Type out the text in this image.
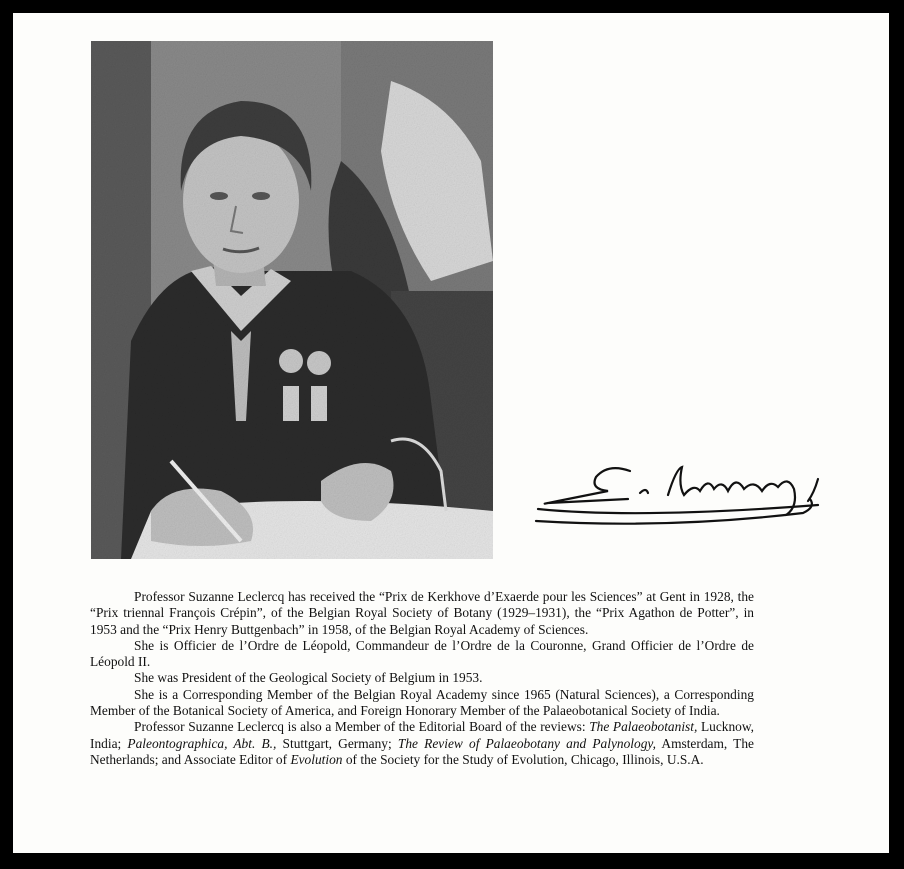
Professor Suzanne Leclercq has received the “Prix de Kerkhove d’Exaerde pour les Sciences” at Gent in 1928, the “Prix triennal François Crépin”, of the Belgian Royal Society of Botany (1929–1931), the “Prix Agathon de Potter”, in 1953 and the “Prix Henry Buttgenbach” in 1958, of the Belgian Royal Academy of Sciences.

She is Officier de l’Ordre de Léopold, Commandeur de l’Ordre de la Couronne, Grand Officier de l’Ordre de Léopold II.

She was President of the Geological Society of Belgium in 1953.

She is a Corresponding Member of the Belgian Royal Academy since 1965 (Natural Sciences), a Corresponding Member of the Botanical Society of America, and Foreign Honorary Member of the Palaeobotanical Society of India.

Professor Suzanne Leclercq is also a Member of the Editorial Board of the reviews: The Palaeobotanist, Lucknow, India; Paleontographica, Abt. B., Stuttgart, Germany; The Review of Palaeobotany and Palynology, Amsterdam, The Netherlands; and Associate Editor of Evolution of the Society for the Study of Evolution, Chicago, Illinois, U.S.A.
